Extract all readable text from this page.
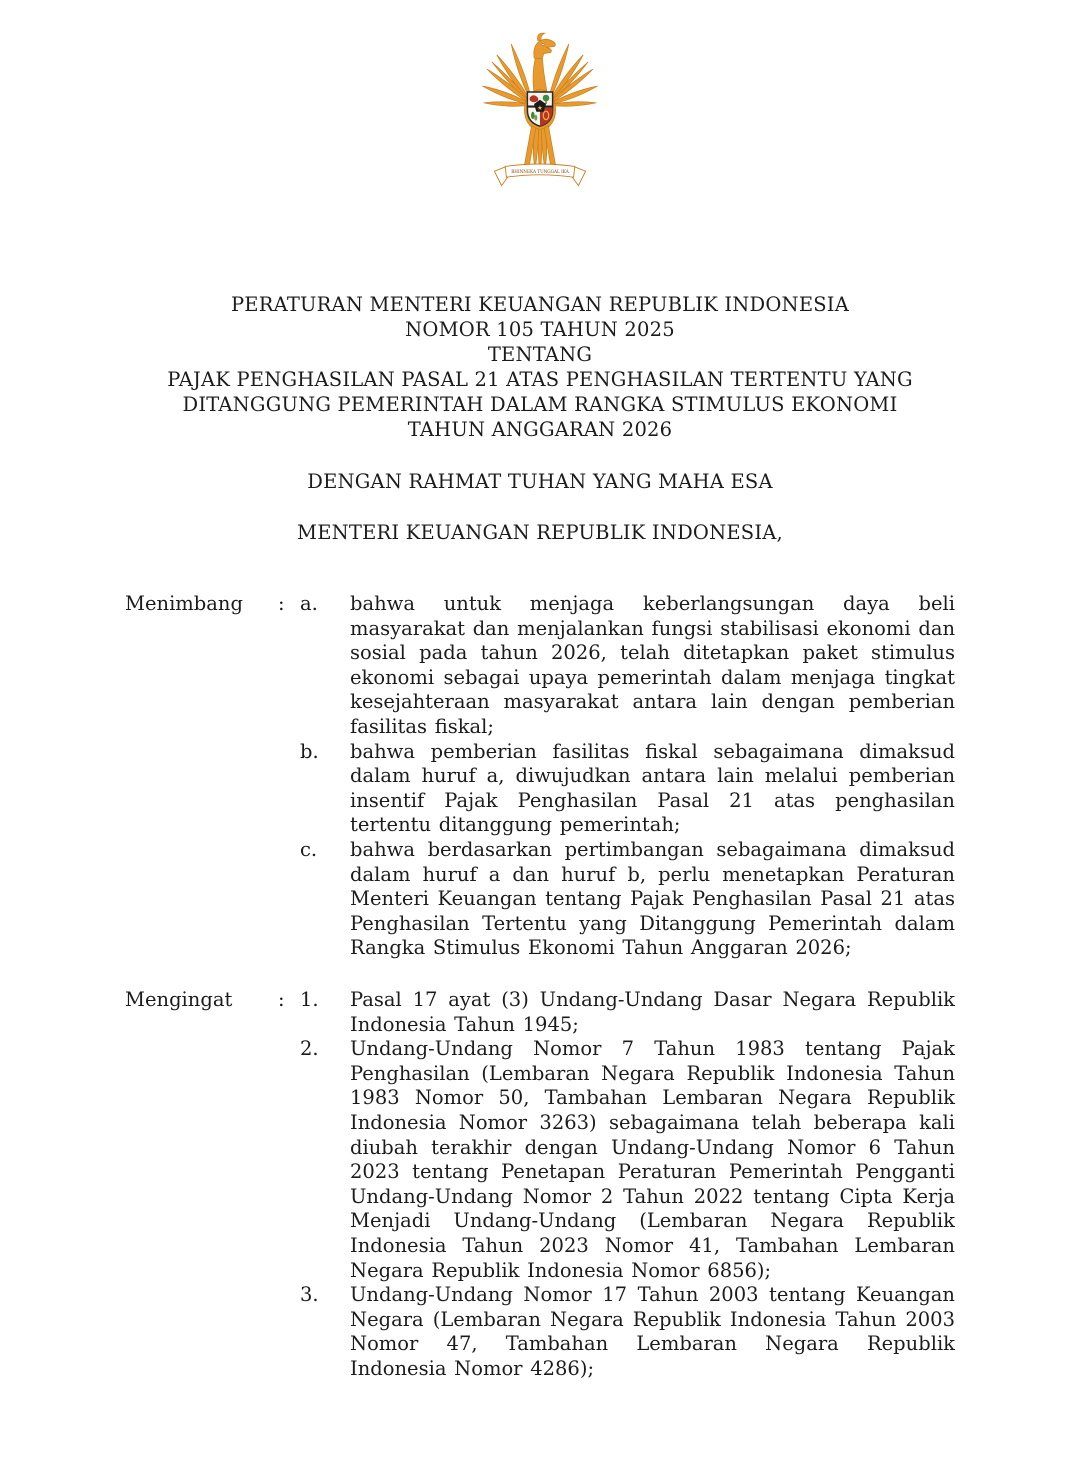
★
BHINNEKA TUNGGAL IKA
PERATURAN MENTERI KEUANGAN REPUBLIK INDONESIA
NOMOR 105 TAHUN 2025
TENTANG
PAJAK PENGHASILAN PASAL 21 ATAS PENGHASILAN TERTENTU YANG
DITANGGUNG PEMERINTAH DALAM RANGKA STIMULUS EKONOMI
TAHUN ANGGARAN 2026
DENGAN RAHMAT TUHAN YANG MAHA ESA
MENTERI KEUANGAN REPUBLIK INDONESIA,
Menimbang	: a.	bahwa untuk menjaga keberlangsungan daya beli masyarakat dan menjalankan fungsi stabilisasi ekonomi dan sosial pada tahun 2026, telah ditetapkan paket stimulus ekonomi sebagai upaya pemerintah dalam menjaga tingkat kesejahteraan masyarakat antara lain dengan pemberian fasilitas fiskal;
b.	bahwa pemberian fasilitas fiskal sebagaimana dimaksud dalam huruf a, diwujudkan antara lain melalui pemberian insentif Pajak Penghasilan Pasal 21 atas penghasilan tertentu ditanggung pemerintah;
c.	bahwa berdasarkan pertimbangan sebagaimana dimaksud dalam huruf a dan huruf b, perlu menetapkan Peraturan Menteri Keuangan tentang Pajak Penghasilan Pasal 21 atas Penghasilan Tertentu yang Ditanggung Pemerintah dalam Rangka Stimulus Ekonomi Tahun Anggaran 2026;
Mengingat	: 1.	Pasal 17 ayat (3) Undang-Undang Dasar Negara Republik Indonesia Tahun 1945;
2.	Undang-Undang Nomor 7 Tahun 1983 tentang Pajak Penghasilan (Lembaran Negara Republik Indonesia Tahun 1983 Nomor 50, Tambahan Lembaran Negara Republik Indonesia Nomor 3263) sebagaimana telah beberapa kali diubah terakhir dengan Undang-Undang Nomor 6 Tahun 2023 tentang Penetapan Peraturan Pemerintah Pengganti Undang-Undang Nomor 2 Tahun 2022 tentang Cipta Kerja Menjadi Undang-Undang (Lembaran Negara Republik Indonesia Tahun 2023 Nomor 41, Tambahan Lembaran Negara Republik Indonesia Nomor 6856);
3.	Undang-Undang Nomor 17 Tahun 2003 tentang Keuangan Negara (Lembaran Negara Republik Indonesia Tahun 2003 Nomor 47, Tambahan Lembaran Negara Republik Indonesia Nomor 4286);
